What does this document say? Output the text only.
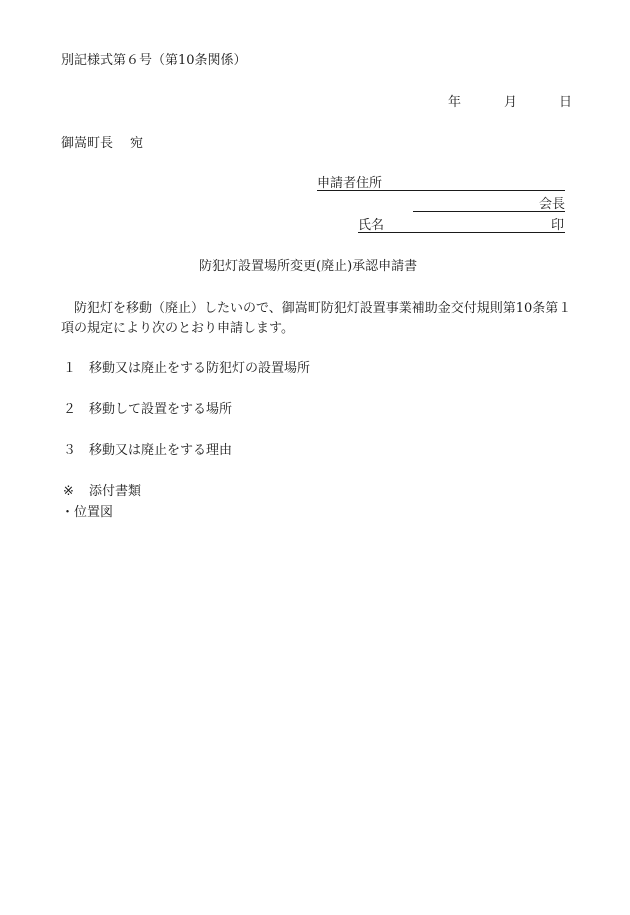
別記様式第６号（第10条関係）
年	月	日
御嵩町長 宛
申請者住所
会長
氏名	印
防犯灯設置場所変更(廃止)承認申請書
防犯灯を移動（廃止）したいので、御嵩町防犯灯設置事業補助金交付規則第10条第１項の規定により次のとおり申請します。
１ 移動又は廃止をする防犯灯の設置場所
２ 移動して設置をする場所
３ 移動又は廃止をする理由
※ 添付書類
・位置図
